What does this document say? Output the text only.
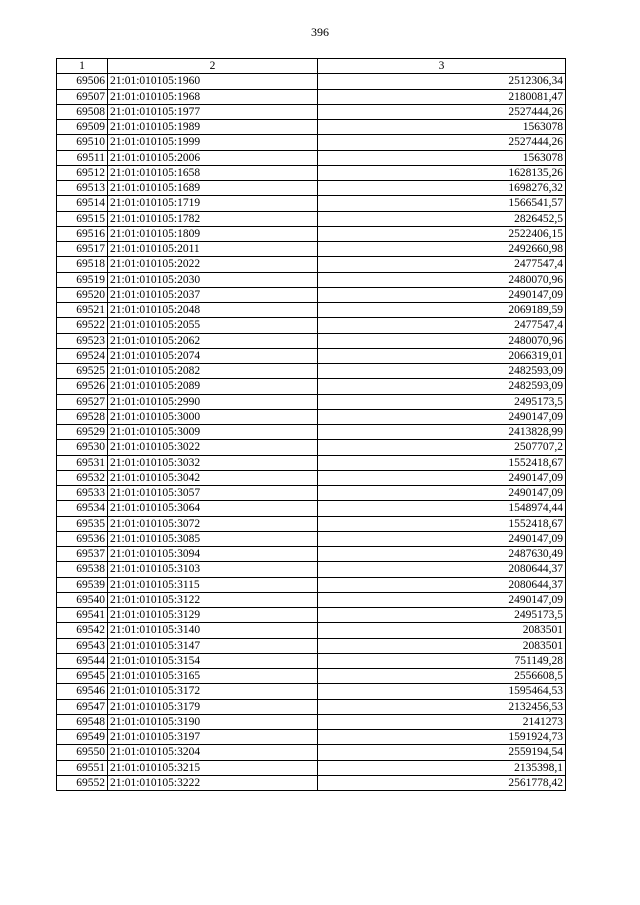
396
1	2	3
69506	21:01:010105:1960	2512306,34
69507	21:01:010105:1968	2180081,47
69508	21:01:010105:1977	2527444,26
69509	21:01:010105:1989	1563078
69510	21:01:010105:1999	2527444,26
69511	21:01:010105:2006	1563078
69512	21:01:010105:1658	1628135,26
69513	21:01:010105:1689	1698276,32
69514	21:01:010105:1719	1566541,57
69515	21:01:010105:1782	2826452,5
69516	21:01:010105:1809	2522406,15
69517	21:01:010105:2011	2492660,98
69518	21:01:010105:2022	2477547,4
69519	21:01:010105:2030	2480070,96
69520	21:01:010105:2037	2490147,09
69521	21:01:010105:2048	2069189,59
69522	21:01:010105:2055	2477547,4
69523	21:01:010105:2062	2480070,96
69524	21:01:010105:2074	2066319,01
69525	21:01:010105:2082	2482593,09
69526	21:01:010105:2089	2482593,09
69527	21:01:010105:2990	2495173,5
69528	21:01:010105:3000	2490147,09
69529	21:01:010105:3009	2413828,99
69530	21:01:010105:3022	2507707,2
69531	21:01:010105:3032	1552418,67
69532	21:01:010105:3042	2490147,09
69533	21:01:010105:3057	2490147,09
69534	21:01:010105:3064	1548974,44
69535	21:01:010105:3072	1552418,67
69536	21:01:010105:3085	2490147,09
69537	21:01:010105:3094	2487630,49
69538	21:01:010105:3103	2080644,37
69539	21:01:010105:3115	2080644,37
69540	21:01:010105:3122	2490147,09
69541	21:01:010105:3129	2495173,5
69542	21:01:010105:3140	2083501
69543	21:01:010105:3147	2083501
69544	21:01:010105:3154	751149,28
69545	21:01:010105:3165	2556608,5
69546	21:01:010105:3172	1595464,53
69547	21:01:010105:3179	2132456,53
69548	21:01:010105:3190	2141273
69549	21:01:010105:3197	1591924,73
69550	21:01:010105:3204	2559194,54
69551	21:01:010105:3215	2135398,1
69552	21:01:010105:3222	2561778,42
